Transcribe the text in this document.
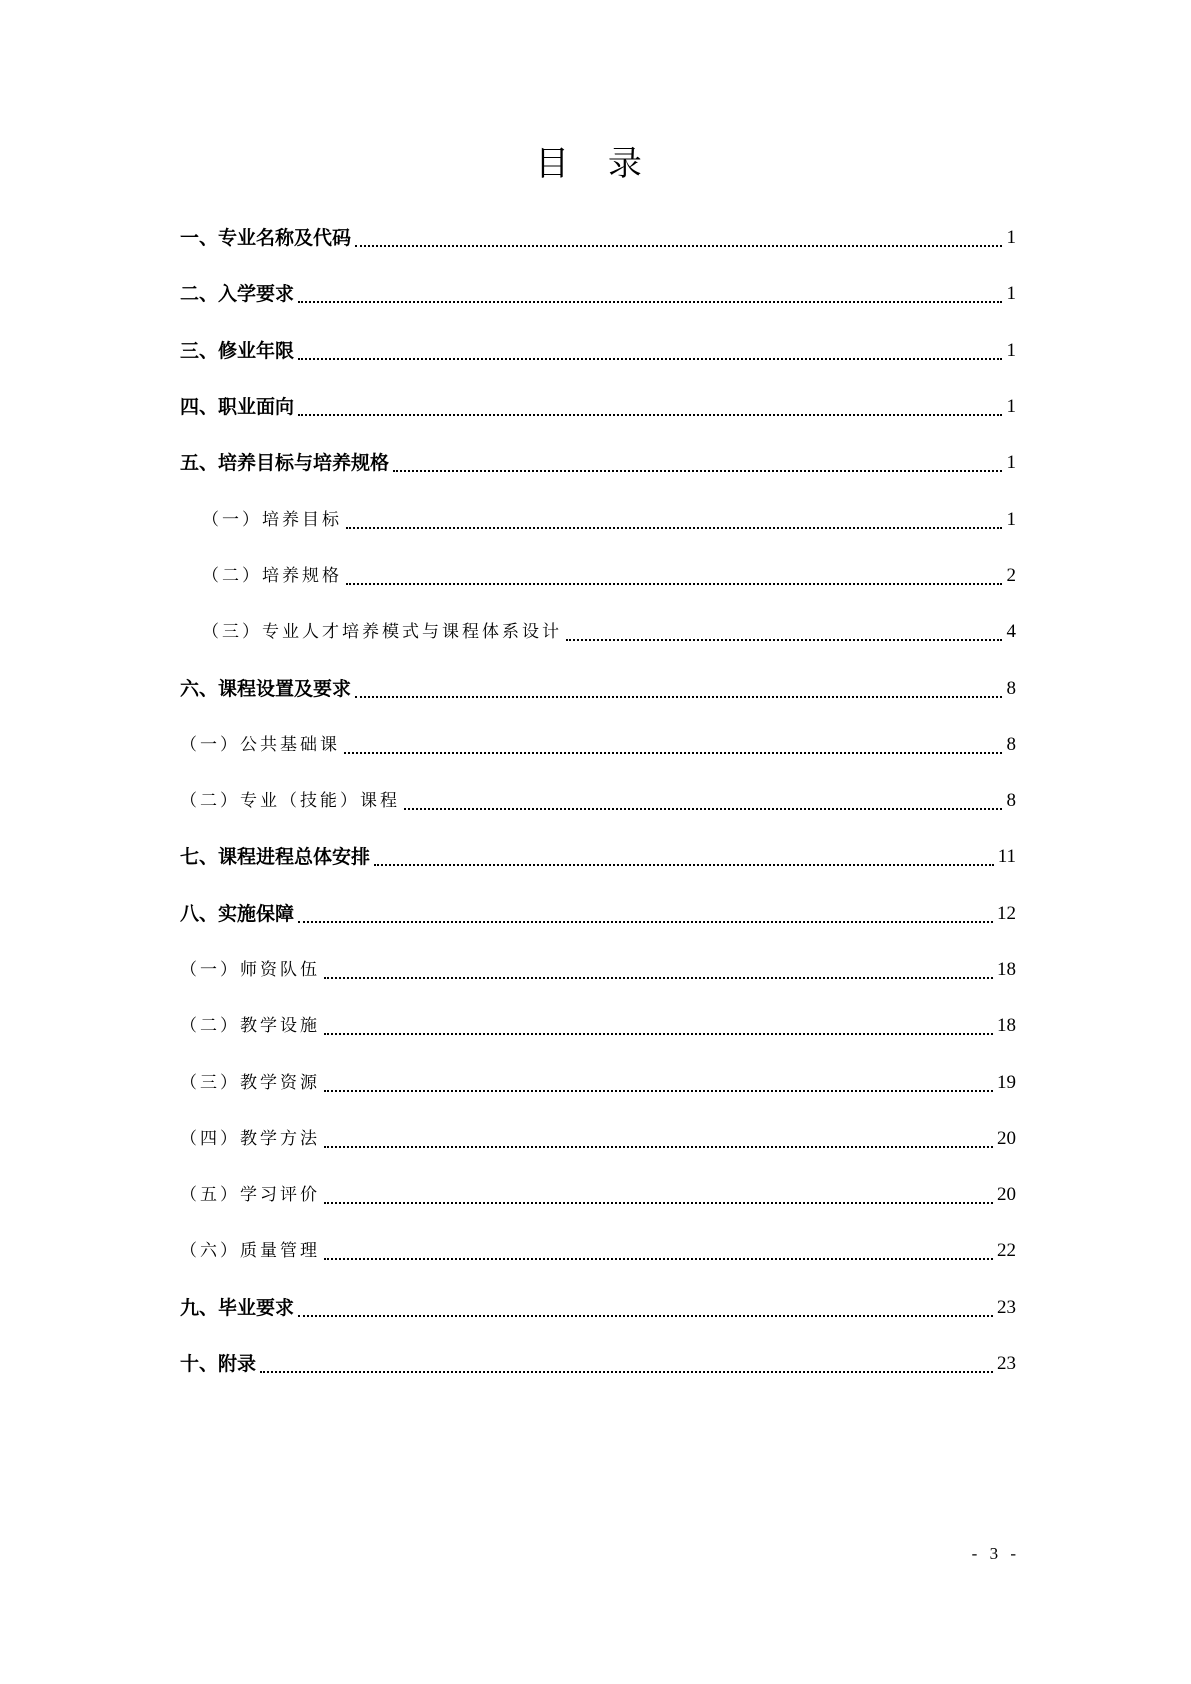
目 录
一、专业名称及代码	1
二、入学要求	1
三、修业年限	1
四、职业面向	1
五、培养目标与培养规格	1
（一）培养目标	1
（二）培养规格	2
（三）专业人才培养模式与课程体系设计	4
六、课程设置及要求	8
（一）公共基础课	8
（二）专业（技能）课程	8
七、课程进程总体安排	11
八、实施保障	12
（一）师资队伍	18
（二）教学设施	18
（三）教学资源	19
（四）教学方法	20
（五）学习评价	20
（六）质量管理	22
九、毕业要求	23
十、附录	23
- 3 -
